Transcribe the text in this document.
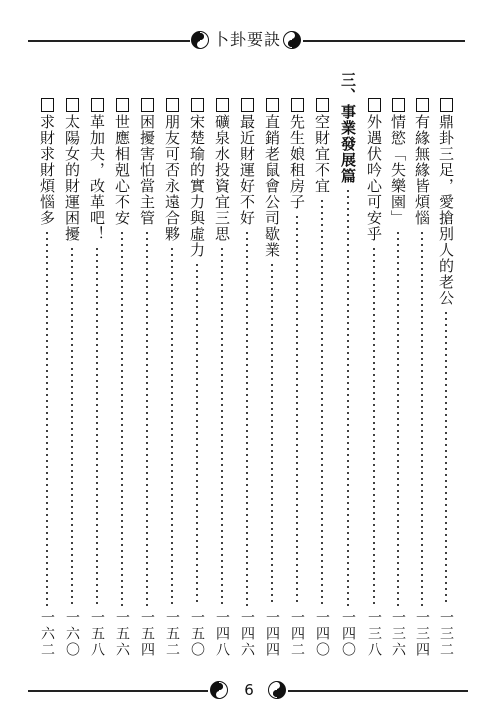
卜卦要訣
鼎卦三足，愛搶別人的老公
一三二
有緣無緣皆煩惱
一三四
情慾「失樂園」
一三六
外遇伏吟心可安乎
一三八
三、事業發展篇
一四〇
空財宜不宜
一四〇
先生娘租房子
一四二
直銷老鼠會公司歇業
一四四
最近財運好不好
一四六
礦泉水投資宜三思
一四八
宋楚瑜的實力與虛力
一五〇
朋友可否永遠合夥
一五二
困擾害怕當主管
一五四
世應相剋心不安
一五六
革加夬，改革吧！
一五八
太陽女的財運困擾
一六〇
求財求財煩惱多
一六二
6
